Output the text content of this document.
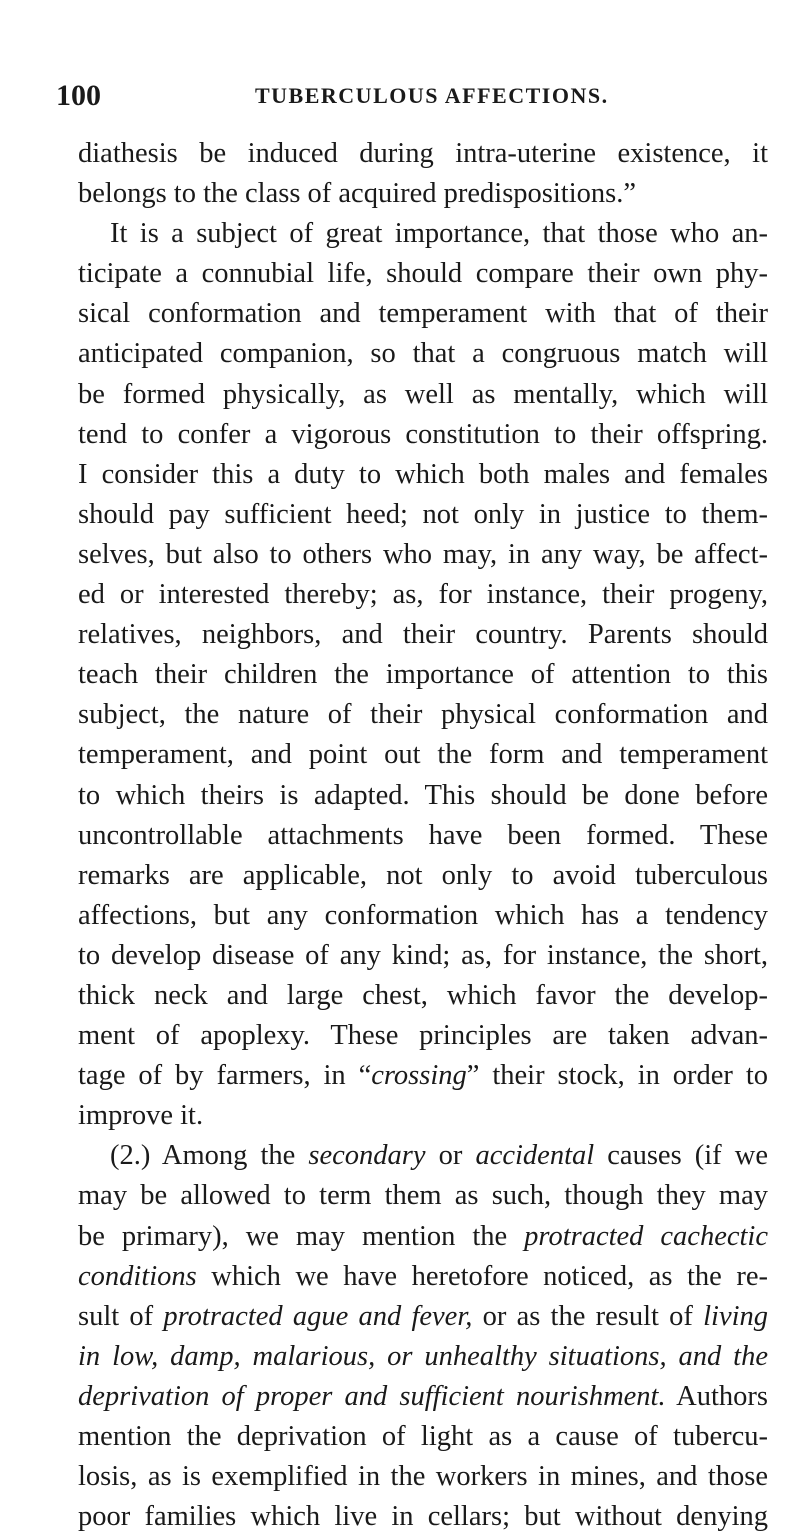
100	TUBERCULOUS AFFECTIONS.
diathesis be induced during intra-uterine existence, it
belongs to the class of acquired predispositions.”
It is a subject of great importance, that those who an-
ticipate a connubial life, should compare their own phy-
sical conformation and temperament with that of their
anticipated companion, so that a congruous match will
be formed physically, as well as mentally, which will
tend to confer a vigorous constitution to their offspring.
I consider this a duty to which both males and females
should pay sufficient heed; not only in justice to them-
selves, but also to others who may, in any way, be affect-
ed or interested thereby; as, for instance, their progeny,
relatives, neighbors, and their country. Parents should
teach their children the importance of attention to this
subject, the nature of their physical conformation and
temperament, and point out the form and temperament
to which theirs is adapted. This should be done before
uncontrollable attachments have been formed. These
remarks are applicable, not only to avoid tuberculous
affections, but any conformation which has a tendency
to develop disease of any kind; as, for instance, the short,
thick neck and large chest, which favor the develop-
ment of apoplexy. These principles are taken advan-
tage of by farmers, in “crossing” their stock, in order to
improve it.
(2.) Among the secondary or accidental causes (if we
may be allowed to term them as such, though they may
be primary), we may mention the protracted cachectic
conditions which we have heretofore noticed, as the re-
sult of protracted ague and fever, or as the result of living
in low, damp, malarious, or unhealthy situations, and the
deprivation of proper and sufficient nourishment. Authors
mention the deprivation of light as a cause of tubercu-
losis, as is exemplified in the workers in mines, and those
poor families which live in cellars; but without denying
